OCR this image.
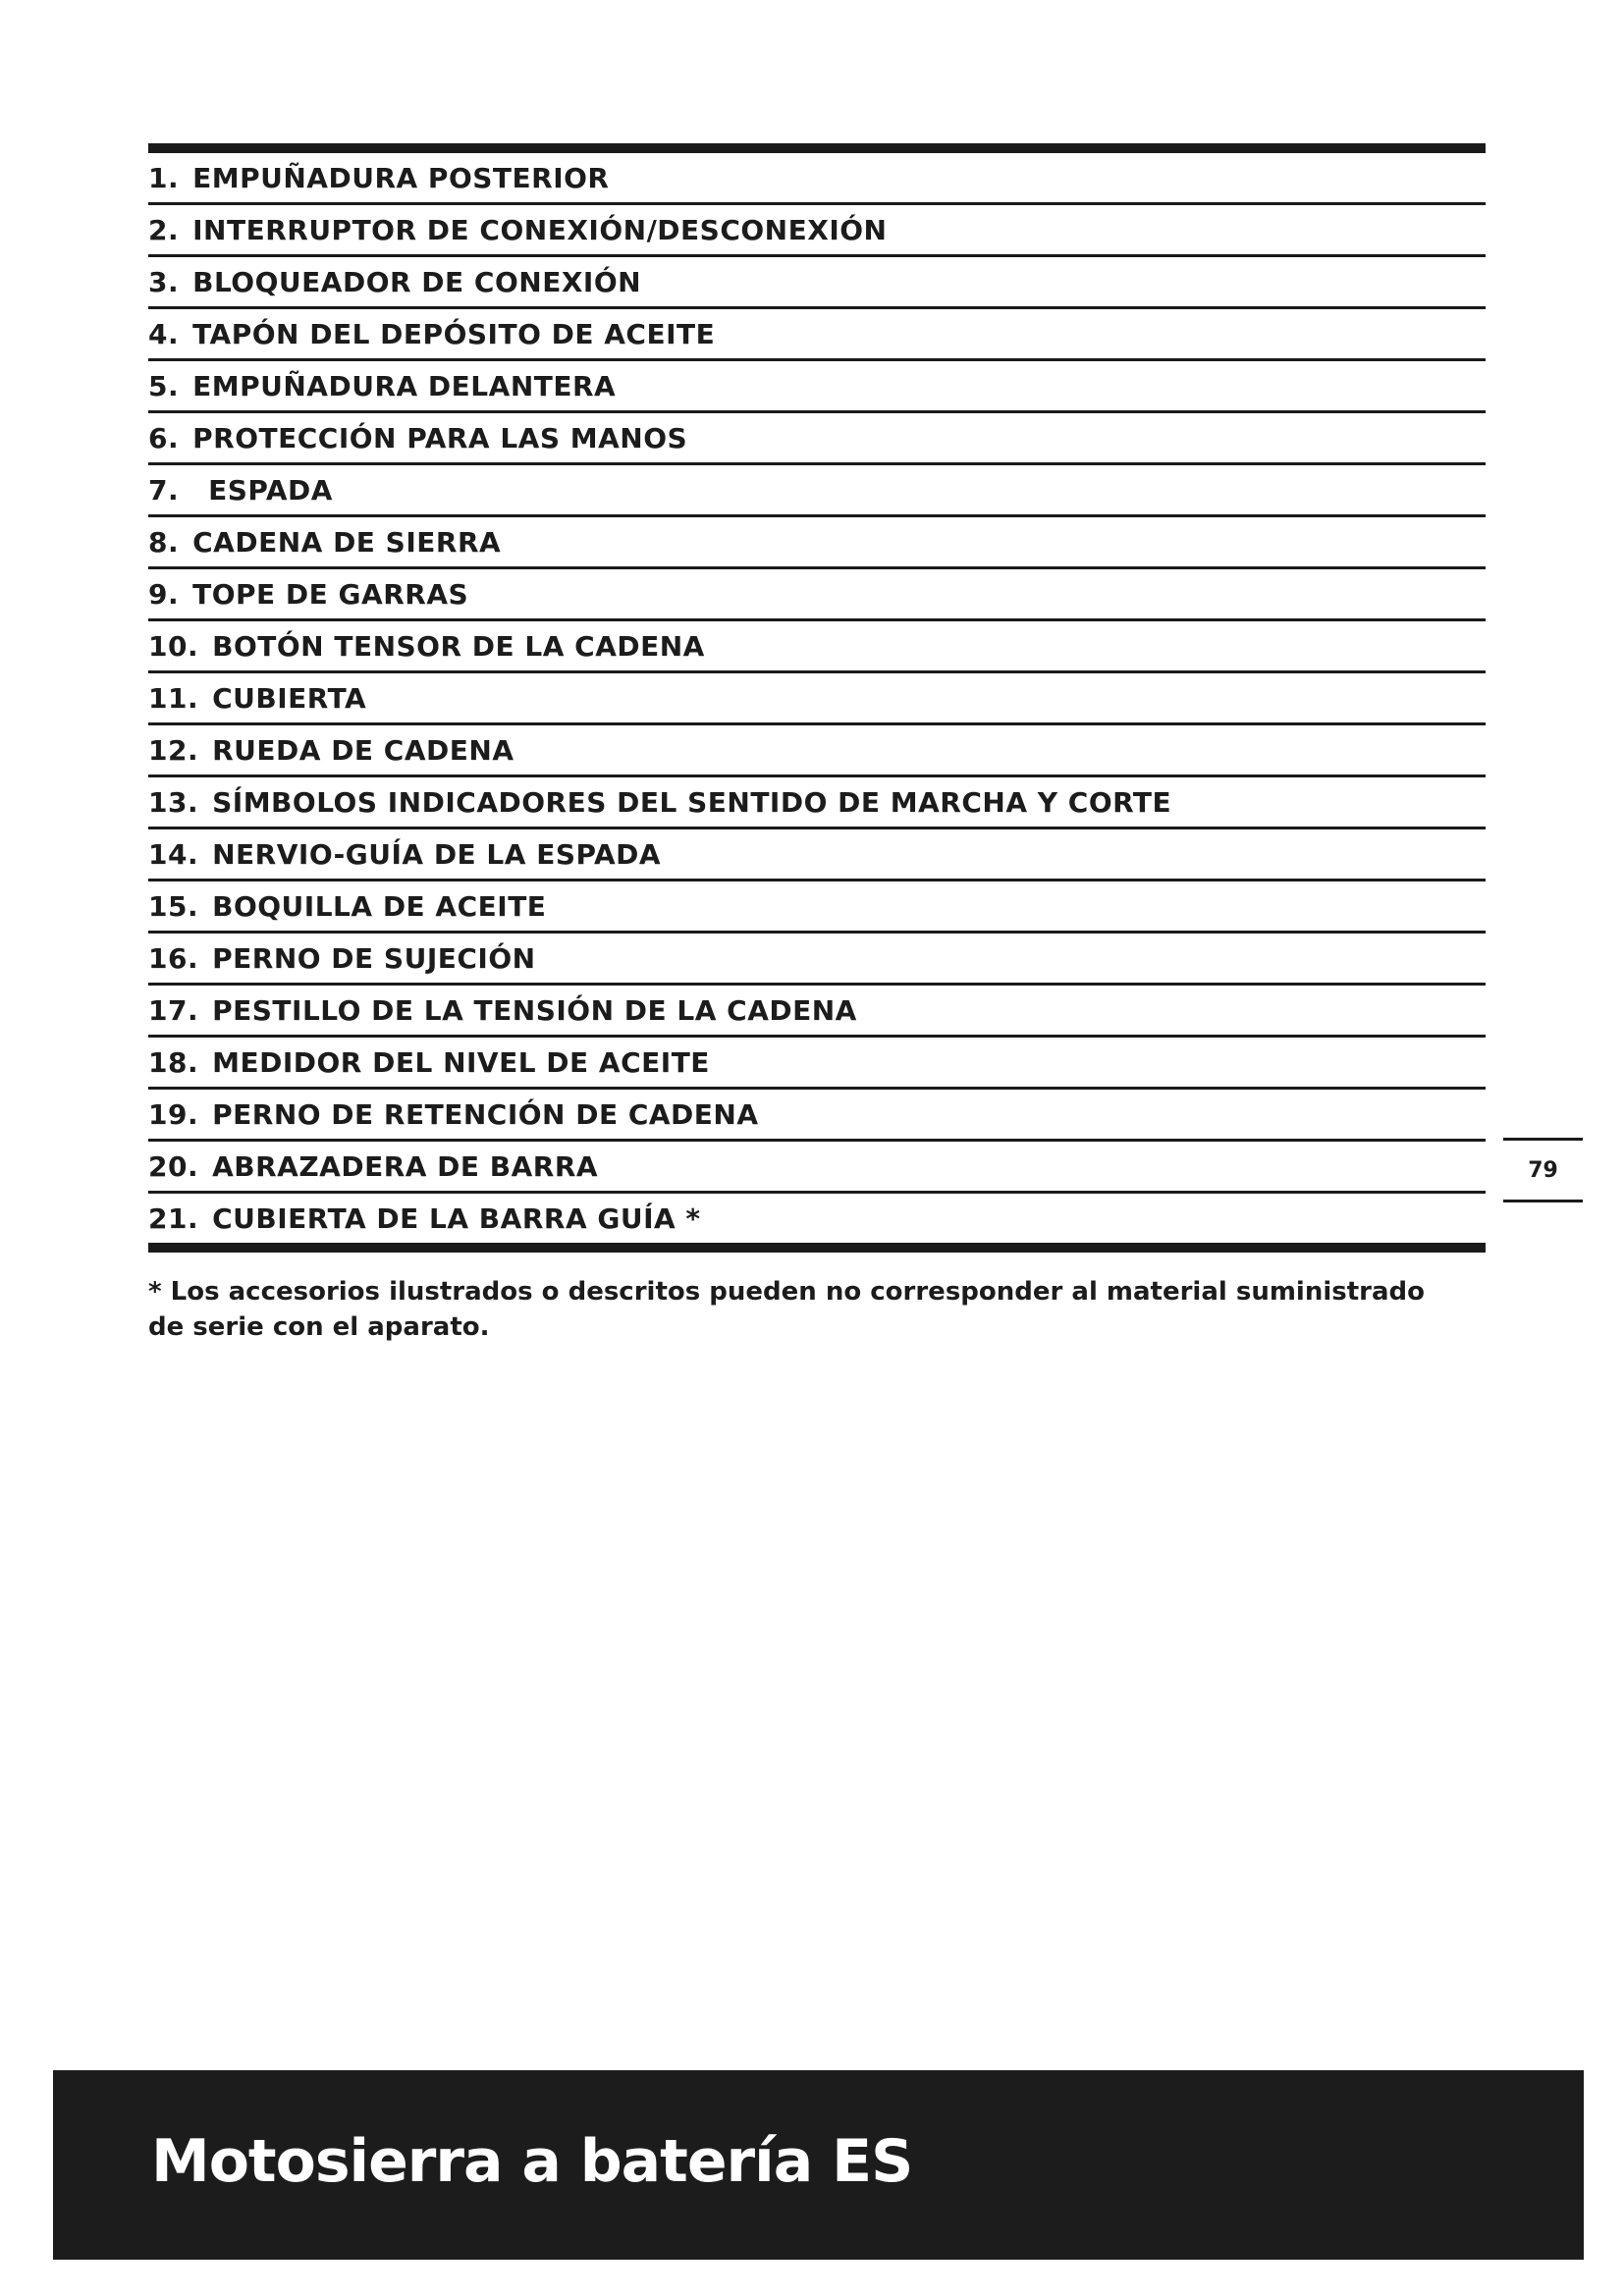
1. EMPUÑADURA POSTERIOR
2. INTERRUPTOR DE CONEXIÓN/DESCONEXIÓN
3. BLOQUEADOR DE CONEXIÓN
4. TAPÓN DEL DEPÓSITO DE ACEITE
5. EMPUÑADURA DELANTERA
6. PROTECCIÓN PARA LAS MANOS
7. ESPADA
8. CADENA DE SIERRA
9. TOPE DE GARRAS
10. BOTÓN TENSOR DE LA CADENA
11. CUBIERTA
12. RUEDA DE CADENA
13. SÍMBOLOS INDICADORES DEL SENTIDO DE MARCHA Y CORTE
14. NERVIO-GUÍA DE LA ESPADA
15. BOQUILLA DE ACEITE
16. PERNO DE SUJECIÓN
17. PESTILLO DE LA TENSIÓN DE LA CADENA
18. MEDIDOR DEL NIVEL DE ACEITE
19. PERNO DE RETENCIÓN DE CADENA
20. ABRAZADERA DE BARRA
21. CUBIERTA DE LA BARRA GUÍA *
* Los accesorios ilustrados o descritos pueden no corresponder al material suministrado de serie con el aparato.
79
Motosierra a batería ES
